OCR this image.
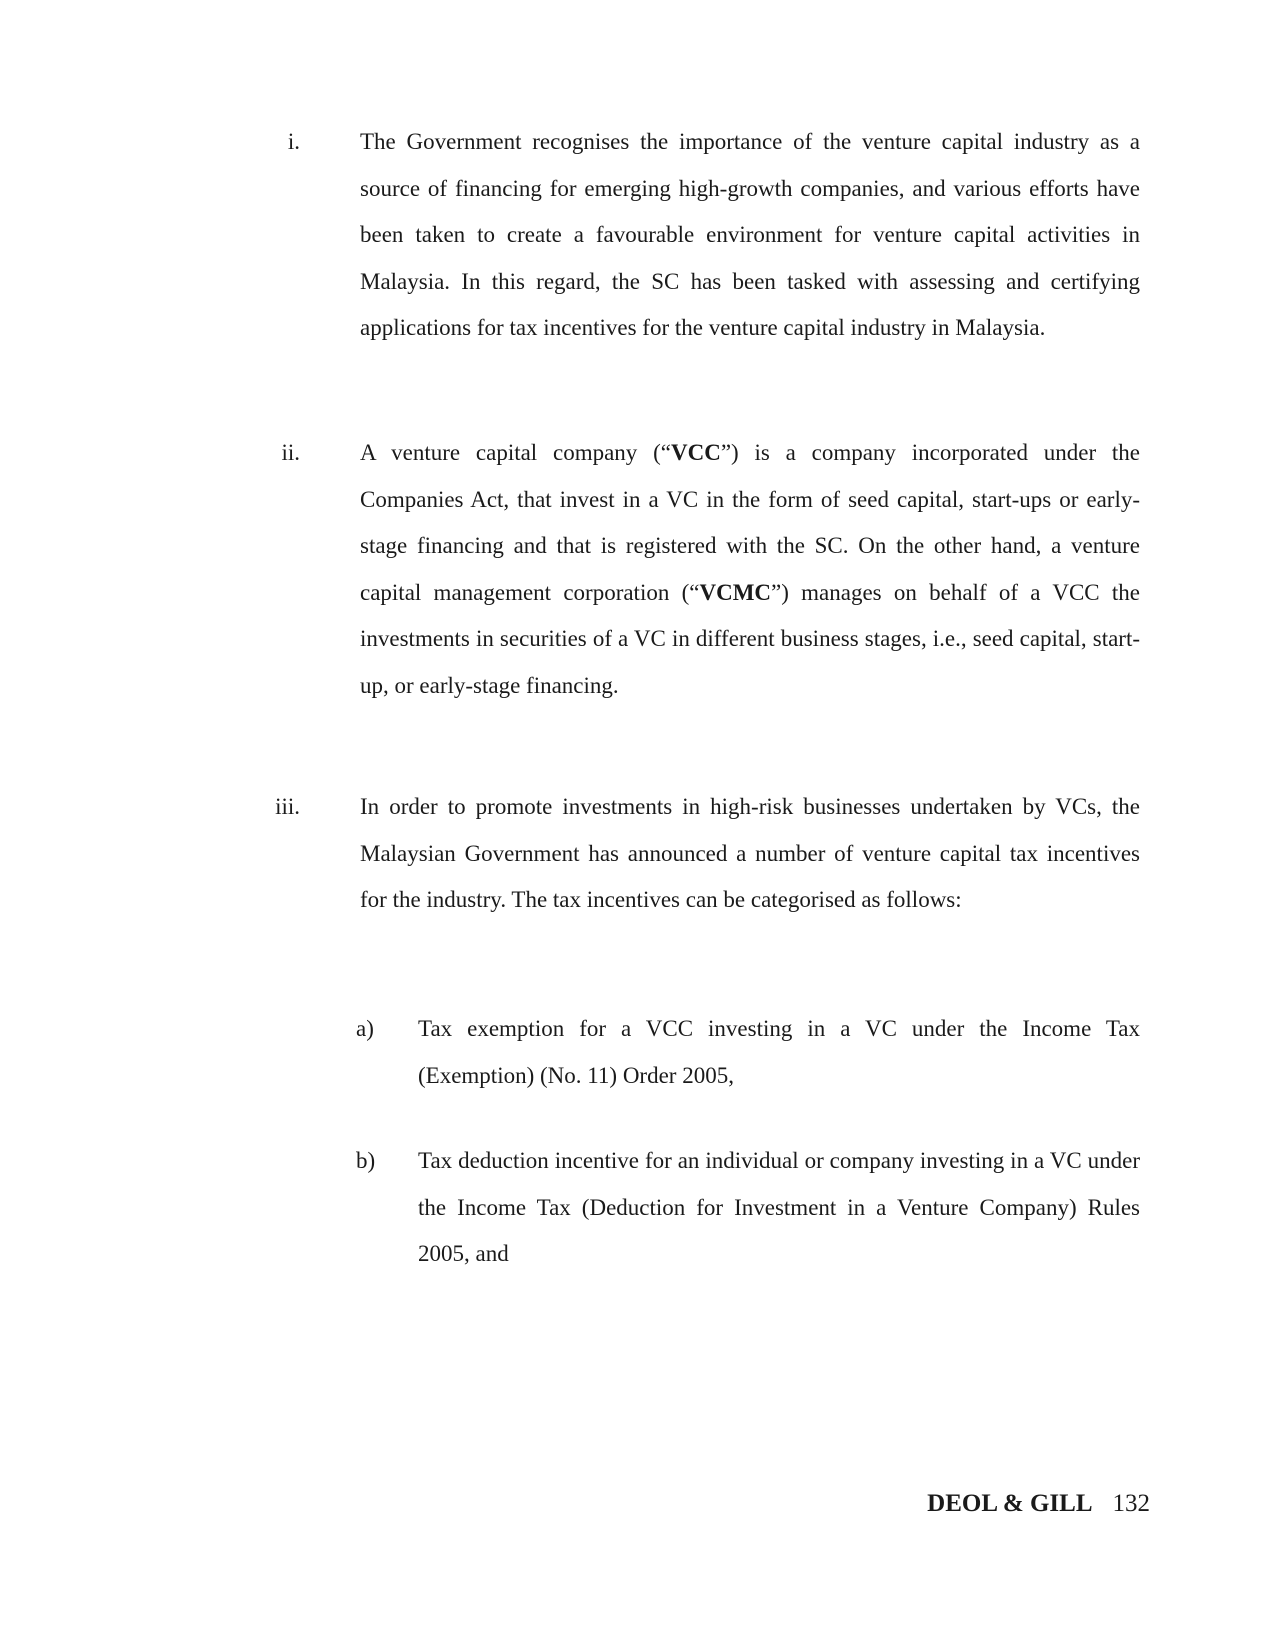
i.	The Government recognises the importance of the venture capital industry as a source of financing for emerging high-growth companies, and various efforts have been taken to create a favourable environment for venture capital activities in Malaysia. In this regard, the SC has been tasked with assessing and certifying applications for tax incentives for the venture capital industry in Malaysia.
ii.	A venture capital company (“VCC”) is a company incorporated under the Companies Act, that invest in a VC in the form of seed capital, start-ups or early-stage financing and that is registered with the SC. On the other hand, a venture capital management corporation (“VCMC”) manages on behalf of a VCC the investments in securities of a VC in different business stages, i.e., seed capital, start-up, or early-stage financing.
iii.	In order to promote investments in high-risk businesses undertaken by VCs, the Malaysian Government has announced a number of venture capital tax incentives for the industry. The tax incentives can be categorised as follows:
a)	Tax exemption for a VCC investing in a VC under the Income Tax (Exemption) (No. 11) Order 2005,
b)	Tax deduction incentive for an individual or company investing in a VC under the Income Tax (Deduction for Investment in a Venture Company) Rules 2005, and
DEOL & GILL 132
